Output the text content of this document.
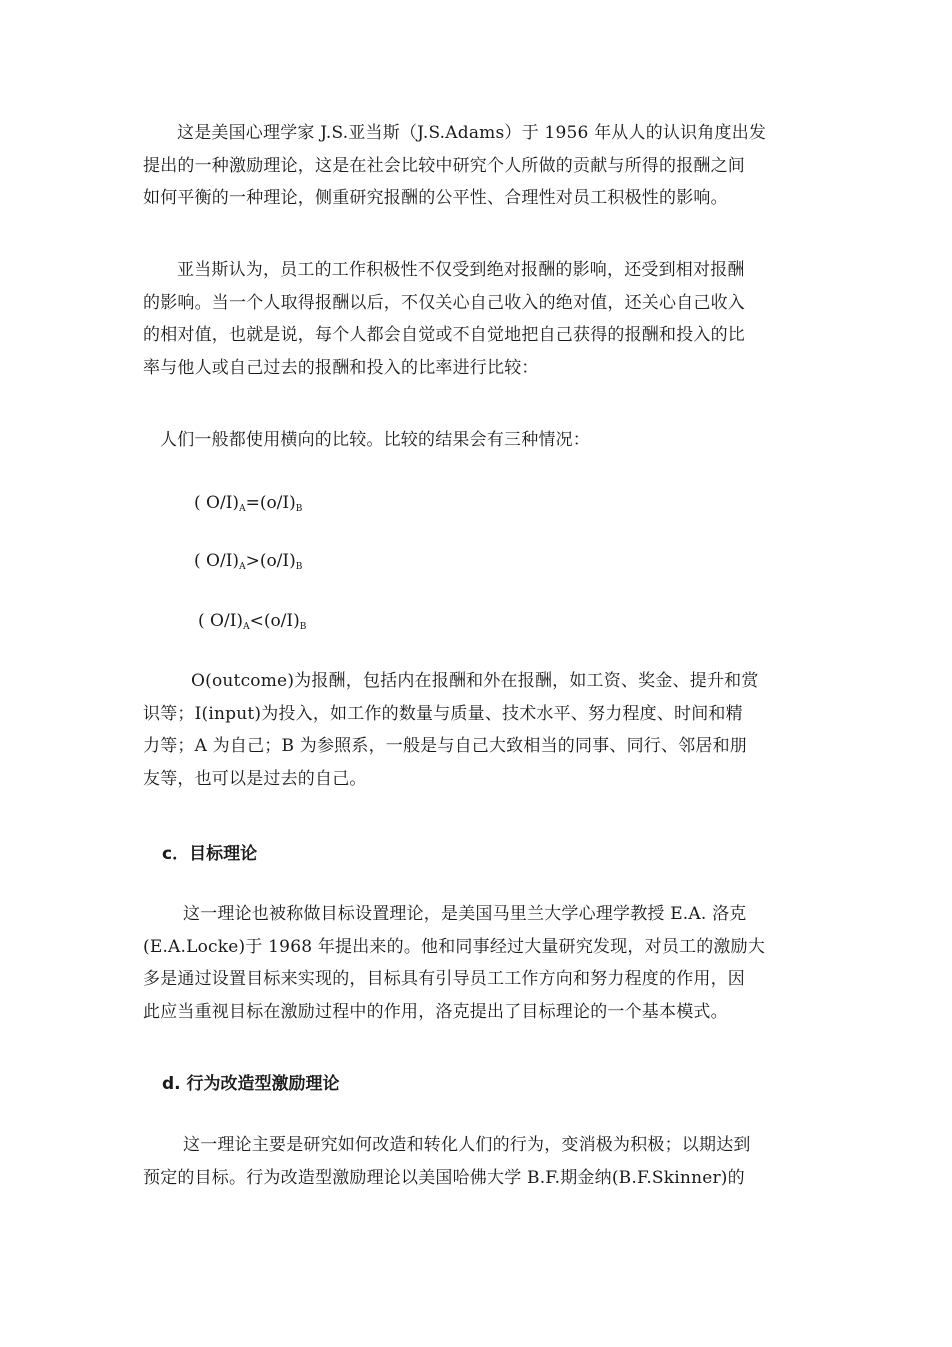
这是美国心理学家 J.S.亚当斯（J.S.Adams）于 1956 年从人的认识角度出发
提出的一种激励理论，这是在社会比较中研究个人所做的贡献与所得的报酬之间
如何平衡的一种理论，侧重研究报酬的公平性、合理性对员工积极性的影响。
亚当斯认为，员工的工作积极性不仅受到绝对报酬的影响，还受到相对报酬
的影响。当一个人取得报酬以后，不仅关心自己收入的绝对值，还关心自己收入
的相对值，也就是说，每个人都会自觉或不自觉地把自己获得的报酬和投入的比
率与他人或自己过去的报酬和投入的比率进行比较：
人们一般都使用横向的比较。比较的结果会有三种情况：
( $O/I)_A=(o/I)_B$
( $O/I)_A>(o/I)_B$
( $O/I)_A<(o/I)_B$
O(outcome)为报酬，包括内在报酬和外在报酬，如工资、奖金、提升和赏
识等；I(input)为投入，如工作的数量与质量、技术水平、努力程度、时间和精
力等；A 为自己；B 为参照系，一般是与自己大致相当的同事、同行、邻居和朋
友等，也可以是过去的自己。
c．目标理论
这一理论也被称做目标设置理论，是美国马里兰大学心理学教授 E.A. 洛克
(E.A.Locke)于 1968 年提出来的。他和同事经过大量研究发现，对员工的激励大
多是通过设置目标来实现的，目标具有引导员工工作方向和努力程度的作用，因
此应当重视目标在激励过程中的作用，洛克提出了目标理论的一个基本模式。
d. 行为改造型激励理论
这一理论主要是研究如何改造和转化人们的行为，变消极为积极；以期达到
预定的目标。行为改造型激励理论以美国哈佛大学 B.F.期金纳(B.F.Skinner)的
